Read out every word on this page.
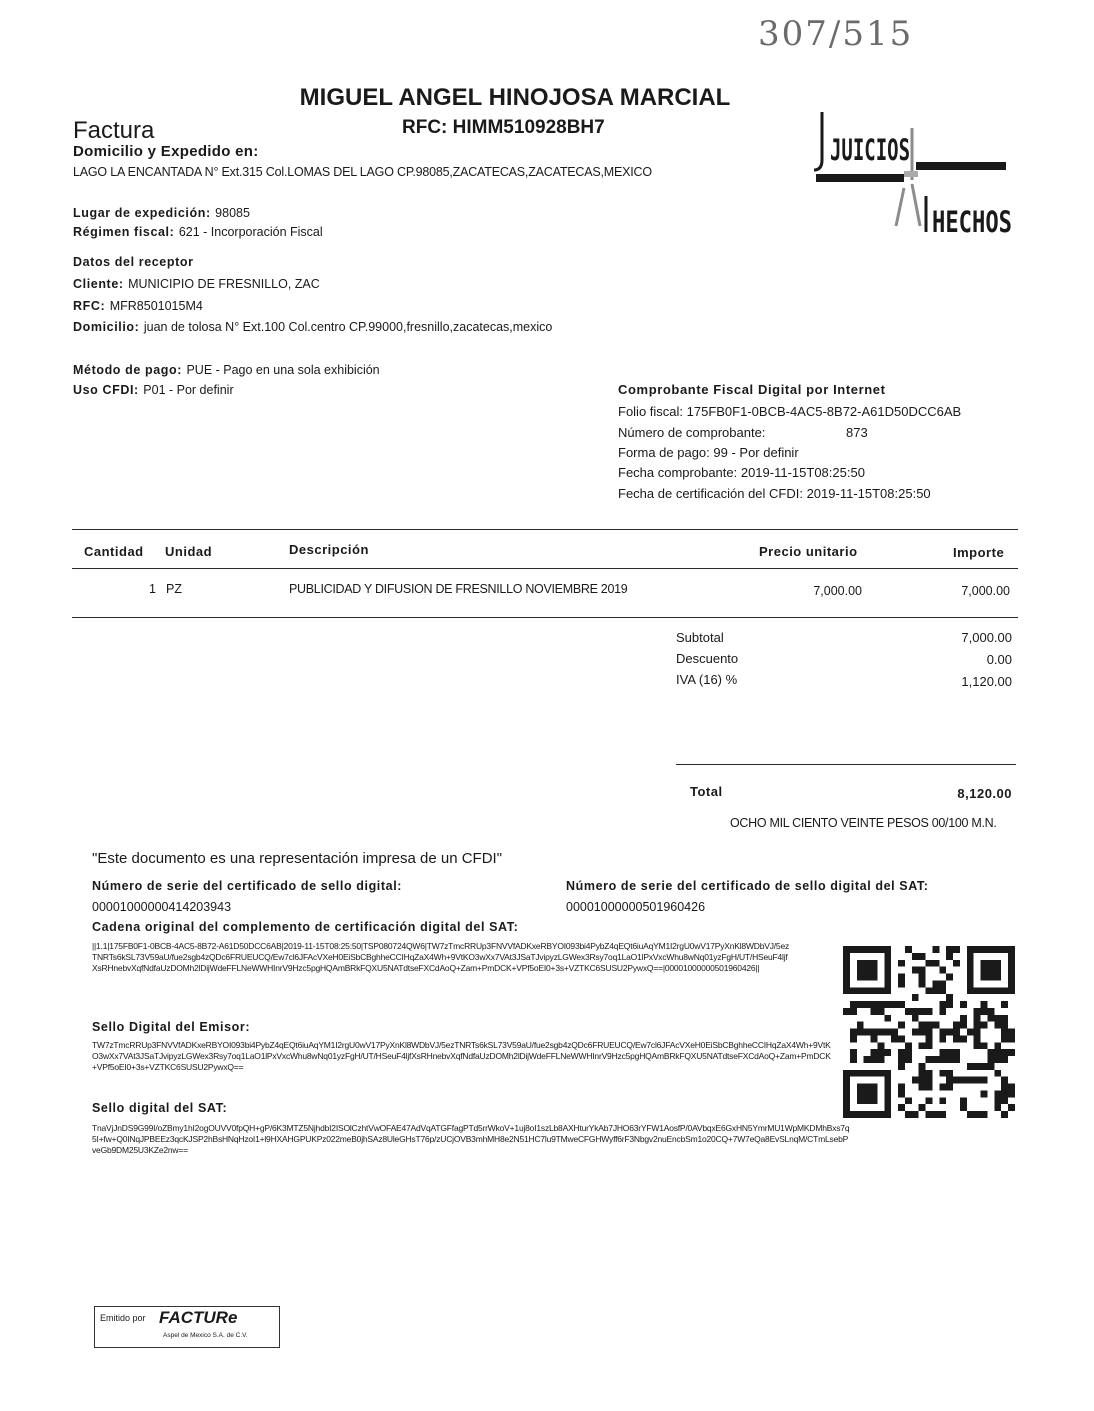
307/515
MIGUEL ANGEL HINOJOSA MARCIAL
RFC: HIMM510928BH7
Factura
Domicilio y Expedido en:
LAGO LA ENCANTADA N° Ext.315 Col.LOMAS DEL LAGO CP.98085,ZACATECAS,ZACATECAS,MEXICO
JUICIOS
HECHOS
Lugar de expedición: 98085
Régimen fiscal: 621 - Incorporación Fiscal
Datos del receptor
Cliente: MUNICIPIO DE FRESNILLO, ZAC
RFC: MFR8501015M4
Domicilio: juan de tolosa N° Ext.100 Col.centro CP.99000,fresnillo,zacatecas,mexico
Método de pago: PUE - Pago en una sola exhibición
Uso CFDI: P01 - Por definir	Comprobante Fiscal Digital por Internet
Folio fiscal: 175FB0F1-0BCB-4AC5-8B72-A61D50DCC6AB
Número de comprobante:	873
Forma de pago: 99 - Por definir
Fecha comprobante: 2019-11-15T08:25:50
Fecha de certificación del CFDI: 2019-11-15T08:25:50
Cantidad Unidad	Descripción	Precio unitario	Importe
1 PZ	PUBLICIDAD Y DIFUSION DE FRESNILLO NOVIEMBRE 2019	7,000.00	7,000.00
Subtotal	7,000.00
Descuento	0.00
IVA (16) %	1,120.00
Total	8,120.00
OCHO MIL CIENTO VEINTE PESOS 00/100 M.N.
"Este documento es una representación impresa de un CFDI"
Número de serie del certificado de sello digital:
00001000000414203943
Número de serie del certificado de sello digital del SAT:
00001000000501960426
Cadena original del complemento de certificación digital del SAT:
||1.1|175FB0F1-0BCB-4AC5-8B72-A61D50DCC6AB|2019-11-15T08:25:50|TSP080724QW6|TW7zTmcRRUp3FNVVfADKxeRBYOI093bi4PybZ4qEQt6iuAqYM1I2rgU0wV17PyXnKl8WDbVJ/5ezTNRTs6kSL73V59aU/fue2sgb4zQDc6FRUEUCQ/Ew7cl6JFAcVXeH0EiSbCBghheCCIHqZaX4Wh+9VtKO3wXx7VAt3JSaTJvipyzLGWex3Rsy7oq1LaO1lPxVxcWhu8wNq01yzFgH/UT/HSeuF4ljfXsRHnebvXqfNdfaUzDOMh2lDijWdeFFLNeWWHInrV9Hzc5pgHQAmBRkFQXU5NATdtseFXCdAoQ+Zam+PmDCK+VPf5oEI0+3s+VZTKC6SUSU2PywxQ==|00001000000501960426||
Sello Digital del Emisor:
TW7zTmcRRUp3FNVVfADKxeRBYOI093bi4PybZ4qEQt6iuAqYM1I2rgU0wV17PyXnKl8WDbVJ/5ezTNRTs6kSL73V59aU/fue2sgb4zQDc6FRUEUCQ/Ew7cl6JFAcVXeH0EiSbCBghheCCIHqZaX4Wh+9VtKO3wXx7VAt3JSaTJvipyzLGWex3Rsy7oq1LaO1lPxVxcWhu8wNq01yzFgH/UT/HSeuF4ljfXsRHnebvXqfNdfaUzDOMh2lDijWdeFFLNeWWHInrV9Hzc5pgHQAmBRkFQXU5NATdtseFXCdAoQ+Zam+PmDCK+VPf5oEI0+3s+VZTKC6SUSU2PywxQ==
Sello digital del SAT:
TnaVjJnDS9G99I/oZBmy1hI2ogOUVV0fpQH+gP/6K3MTZ5NjhdbI2ISOlCzhtVwOFAE47AdVqATGFfagPTd5rrWkoV+1uj8oI1szLb8AXHturYkAb7JHO63rYFW1AosfP/0AVbqxE6GxHN5YmrMU1WpMKDMhBxs7q5I+fw+Q0INqJPBEEz3qcKJSP2hBsHNqHzoI1+l9HXAHGPUKPz022meB0jhSAz8UleGHsT76p/zUCjOVB3mhMH8e2N51HC7lu9TMweCFGHWyff6rF3Nbgv2nuEncbSm1o20CQ+7W7eQa8EvSLnqM/CTmLsebPveGb9DM25U3KZe2nw==
Emitido por FACTURe
Aspel de Mexico S.A. de C.V.
